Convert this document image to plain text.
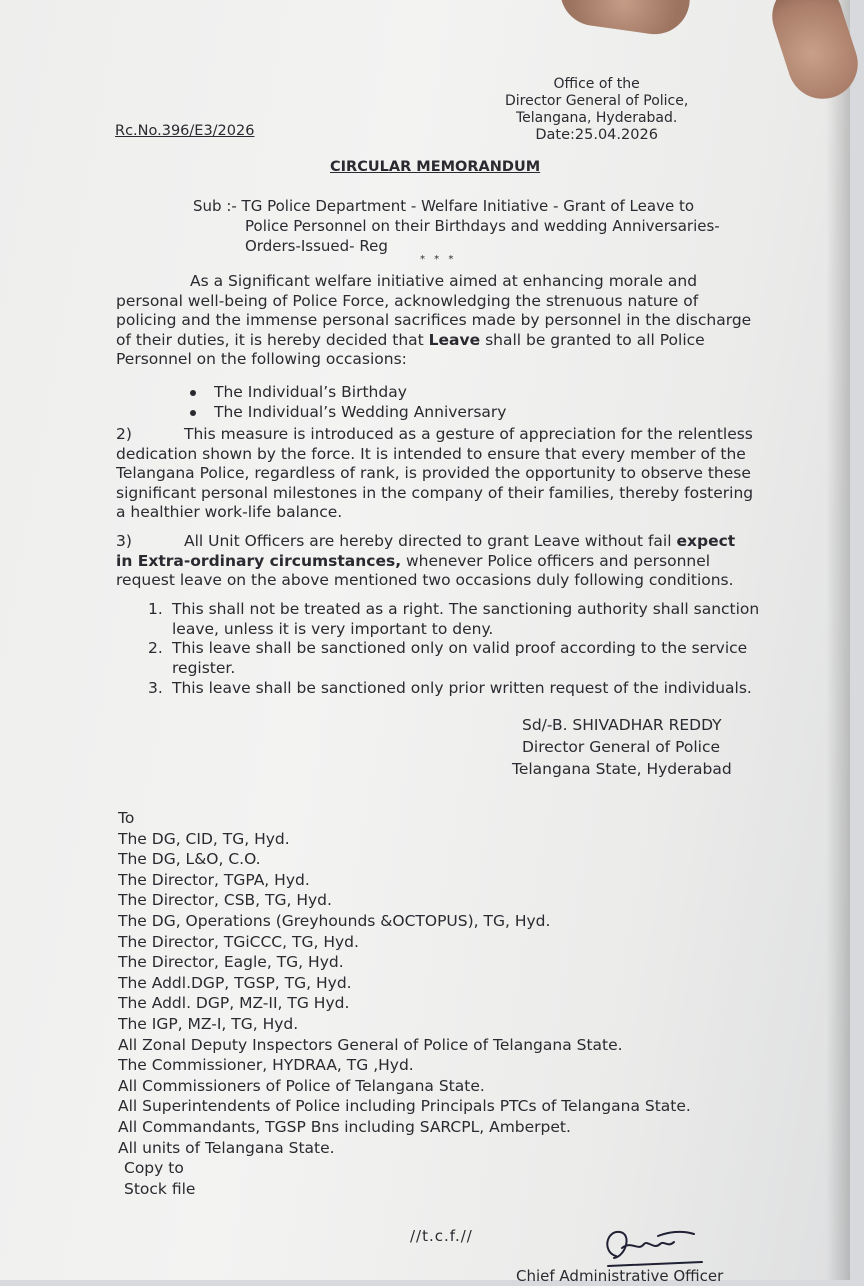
Office of the
Director General of Police,
Telangana, Hyderabad.
Date:25.04.2026
Rc.No.396/E3/2026
CIRCULAR MEMORANDUM
Sub :- TG Police Department - Welfare Initiative - Grant of Leave to
Police Personnel on their Birthdays and wedding Anniversaries-
Orders-Issued- Reg
* * *
As a Significant welfare initiative aimed at enhancing morale and personal well-being of Police Force, acknowledging the strenuous nature of policing and the immense personal sacrifices made by personnel in the discharge of their duties, it is hereby decided that Leave shall be granted to all Police Personnel on the following occasions:
The Individual’s Birthday
The Individual’s Wedding Anniversary
2)	This measure is introduced as a gesture of appreciation for the relentless dedication shown by the force. It is intended to ensure that every member of the Telangana Police, regardless of rank, is provided the opportunity to observe these significant personal milestones in the company of their families, thereby fostering a healthier work-life balance.
3)	All Unit Officers are hereby directed to grant Leave without fail expect in Extra-ordinary circumstances, whenever Police officers and personnel request leave on the above mentioned two occasions duly following conditions.
1. This shall not be treated as a right. The sanctioning authority shall sanction
leave, unless it is very important to deny.
2. This leave shall be sanctioned only on valid proof according to the service
register.
3. This leave shall be sanctioned only prior written request of the individuals.
Sd/-B. SHIVADHAR REDDY
Director General of Police
Telangana State, Hyderabad
To
The DG, CID, TG, Hyd.
The DG, L&O, C.O.
The Director, TGPA, Hyd.
The Director, CSB, TG, Hyd.
The DG, Operations (Greyhounds &OCTOPUS), TG, Hyd.
The Director, TGiCCC, TG, Hyd.
The Director, Eagle, TG, Hyd.
The Addl.DGP, TGSP, TG, Hyd.
The Addl. DGP, MZ-II, TG Hyd.
The IGP, MZ-I, TG, Hyd.
All Zonal Deputy Inspectors General of Police of Telangana State.
The Commissioner, HYDRAA, TG ,Hyd.
All Commissioners of Police of Telangana State.
All Superintendents of Police including Principals PTCs of Telangana State.
All Commandants, TGSP Bns including SARCPL, Amberpet.
All units of Telangana State.
Copy to
Stock file
//t.c.f.//
Chief Administrative Officer
